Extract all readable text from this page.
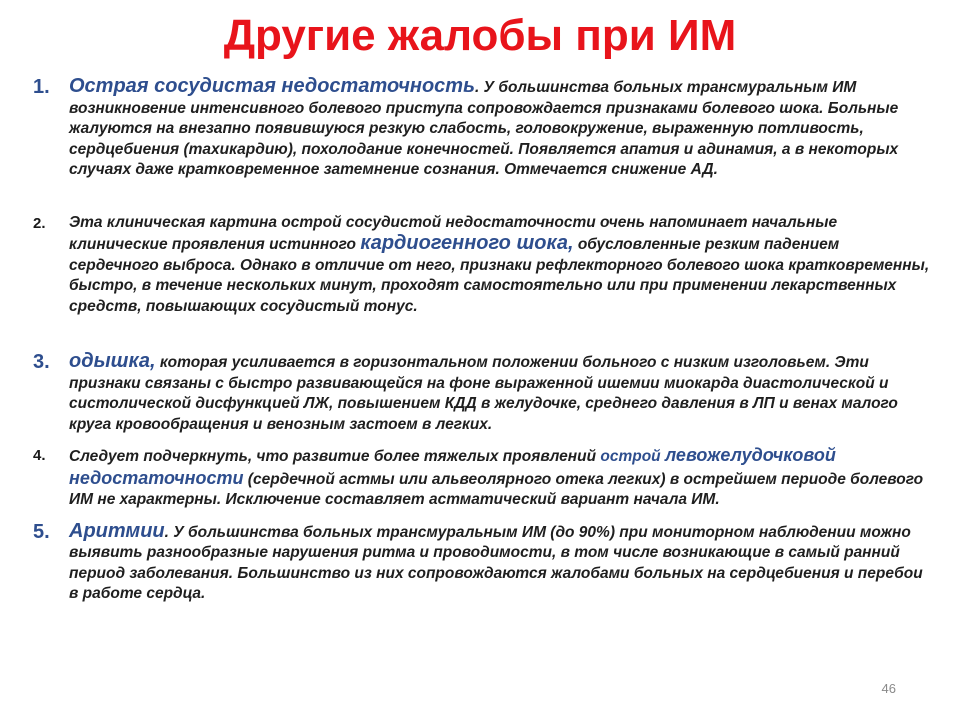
Другие жалобы при ИМ
1. Острая сосудистая недостаточность. У большинства больных трансмуральным ИМ возникновение интенсивного болевого приступа сопровождается признаками болевого шока. Больные жалуются на внезапно появившуюся резкую слабость, головокружение, выраженную потливость, сердцебиения (тахикардию), похолодание конечностей. Появляется апатия и адинамия, а в некоторых случаях даже кратковременное затемнение сознания. Отмечается снижение АД.
2. Эта клиническая картина острой сосудистой недостаточности очень напоминает начальные клинические проявления истинного кардиогенного шока, обусловленные резким падением сердечного выброса. Однако в отличие от него, признаки рефлекторного болевого шока кратковременны, быстро, в течение нескольких минут, проходят самостоятельно или при применении лекарственных средств, повышающих сосудистый тонус.
3. одышка, которая усиливается в горизонтальном положении больного с низким изголовьем. Эти признаки связаны с быстро развивающейся на фоне выраженной ишемии миокарда диастолической и систолической дисфункцией ЛЖ, повышением КДД в желудочке, среднего давления в ЛП и венах малого круга кровообращения и венозным застоем в легких.
4. Следует подчеркнуть, что развитие более тяжелых проявлений острой левожелудочковой недостаточности (сердечной астмы или альвеолярного отека легких) в острейшем периоде болевого ИМ не характерны. Исключение составляет астматический вариант начала ИМ.
5. Аритмии. У большинства больных трансмуральным ИМ (до 90%) при мониторном наблюдении можно выявить разнообразные нарушения ритма и проводимости, в том числе возникающие в самый ранний период заболевания. Большинство из них сопровождаются жалобами больных на сердцебиения и перебои в работе сердца.
46
